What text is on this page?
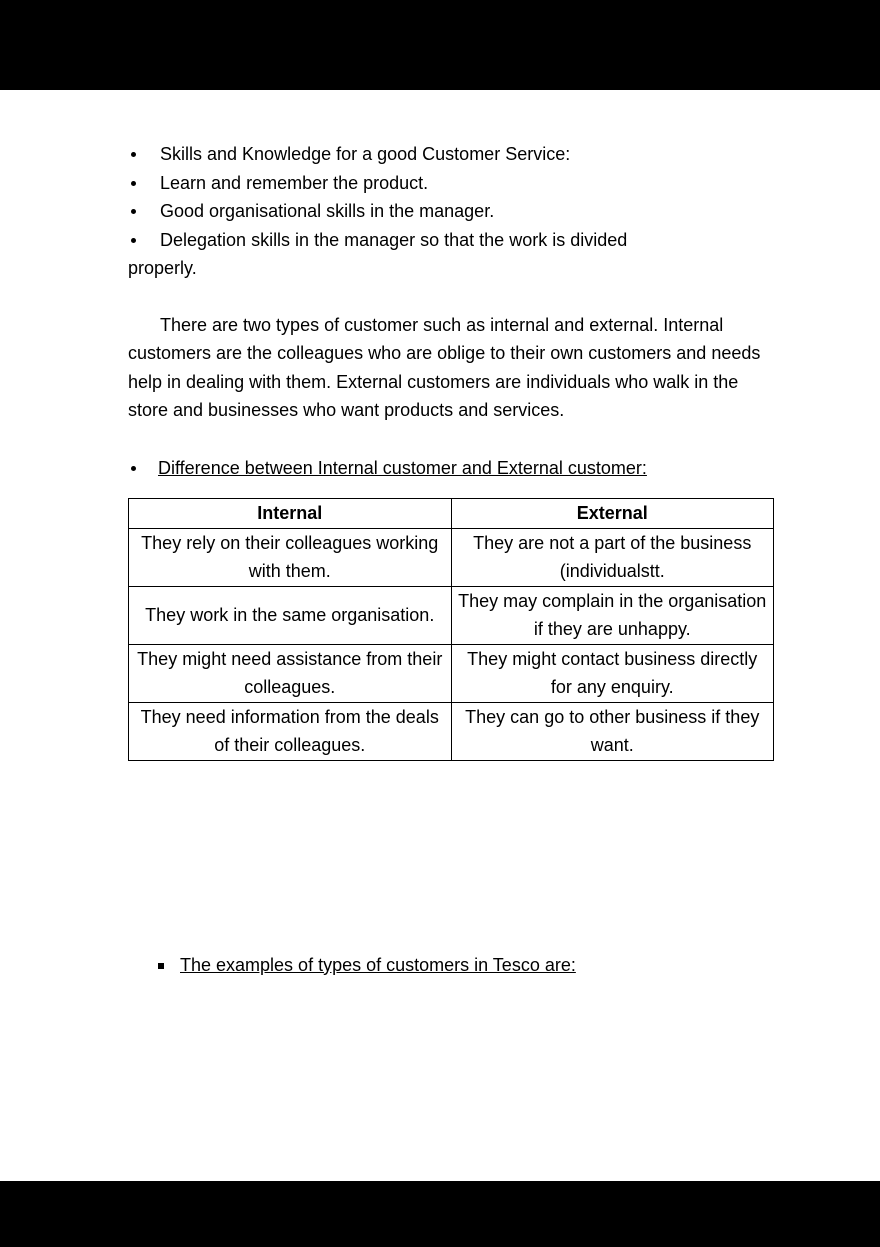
Skills and Knowledge for a good Customer Service:
Learn and remember the product.
Good organisational skills in the manager.
Delegation skills in the manager so that the work is divided
properly.

There are two types of customer such as internal and external. Internal customers are the colleagues who are oblige to their own customers and needs help in dealing with them. External customers are individuals who walk in the store and businesses who want products and services.

Difference between Internal customer and External customer:
Internal	External
They rely on their colleagues working with them.	They are not a part of the business (individualstt.
They work in the same organisation.	They may complain in the organisation if they are unhappy.
They might need assistance from their colleagues.	They might contact business directly for any enquiry.
They need information from the deals of their colleagues.	They can go to other business if they want.
The examples of types of customers in Tesco are:
